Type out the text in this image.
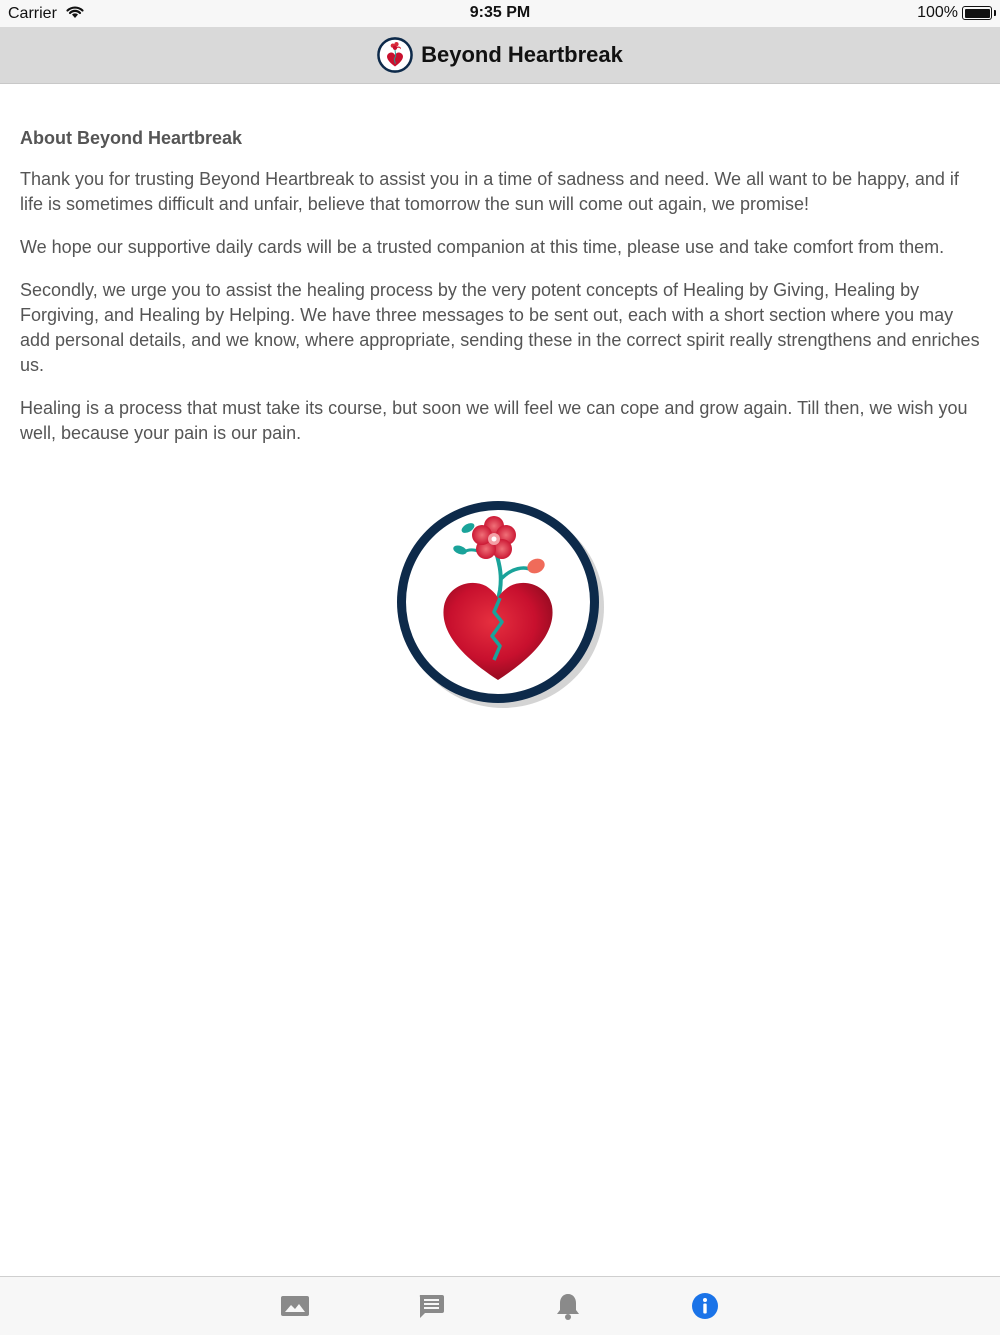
Carrier	9:35 PM	100%
Beyond Heartbreak
About Beyond Heartbreak

Thank you for trusting Beyond Heartbreak to assist you in a time of sadness and need. We all want to be happy, and if life is sometimes difficult and unfair, believe that tomorrow the sun will come out again, we promise!

We hope our supportive daily cards will be a trusted companion at this time, please use and take comfort from them.

Secondly, we urge you to assist the healing process by the very potent concepts of Healing by Giving, Healing by Forgiving, and Healing by Helping. We have three messages to be sent out, each with a short section where you may add personal details, and we know, where appropriate, sending these in the correct spirit really strengthens and enriches us.

Healing is a process that must take its course, but soon we will feel we can cope and grow again. Till then, we wish you well, because your pain is our pain.
